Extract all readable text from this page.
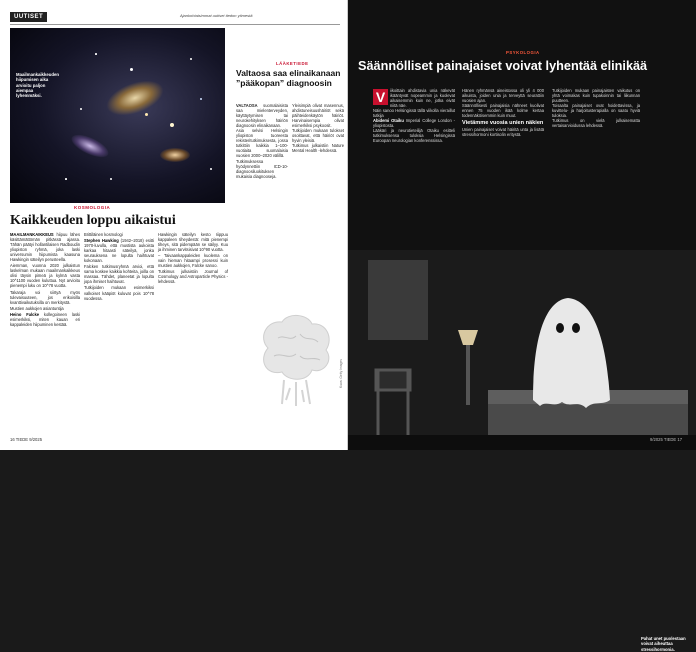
UUTISET	Ajankohtaisimmat uutiset tiedon ytimestä
Maailmankaikkeuden hiipumisen aika arvioitu paljon aiempaa lyhemmäksi.
KOSMOLOGIA
Kaikkeuden loppu aikaistui

MAAILMANKAIKKEUS hiipuu lähes käsittämättömän pitkässä ajassa. Tähän päätyi hollantilaisen Radboudin yliopiston ryhmä, joka laski universumin hiipumista kaasuna Hawkingin säteilyn perusteella.

Aiemman, vuonna 2020 julkaistun laskelman mukaan maailmankaikkeus olisi täysin pimeä ja kylmä vasta 10^1100 vuoden kuluttua. Nyt arvioitu pienempi luku on 10^78 vuotta.

Takaraja voi siirtyä myös tulevaisuuteen, jos erikoisilla kvanttivaikutuksilla on merkitystä.

Mustien aukkojen asiantuntija

Heino Falcke kollegoineen laski esimerkiksi, miten kauan eri kappaleiden hiipuminen kestää.

Brittiläinen kosmologi

Stephen Hawking (1942–2018) esitti 1970-luvulla, että mustista aukoista karkaa hitaasti säteilyä, jonka seurauksena ne lopulta haihtuvat kokonaan.

Falcken tutkimusryhmä arvioi, että sama koskee kaikkia kohteita, joilla on massaa. Tähdet, planeetat ja lopulta jopa ihmiset haihtuvat.

Tutkijoiden mukaan esimerkiksi valkoiset kääpiöt kuluvat pois 10^78 vuodessa.

Hawkingin säteilyn kesto riippuu kappaleen tiheydestä: mitä pienempi tiheys, sitä pidempään se säilyy. Kuu ja ihminen tarvitsisivat 10^90 vuotta.

– Taivaankappaleiden kuolema on vain hieman hitaampi prosessi kuin mustien aukkojen, Falcke sanoo.

Tutkimus julkaistiin Journal of Cosmology and Astroparticle Physics -lehdessä.

LÄÄKETIEDE
Valtaosa saa elinaikanaan ”pääkopan” diagnoosin

VALTAOSA suomalaisista saa mielenterveyden, käyttäytymisen tai neurokehityksen häiriön diagnoosin elinaikanaan.

Asia selvisi Helsingin yliopiston tuoreesta rekisteritutkimuksesta, jossa tutkittiin kaikkia 1–100-vuotiaita suomalaisia vuosien 2000–2020 välillä.

Tutkimuksessa hyödynnettiin ICD-10-diagnoosiluokituksen mukaisia diagnooseja.

Yleisimpiä olivat masennus, ahdistuneisuushäiriöt sekä päihteidenkäytön häiriöt. Harvinaisempia olivat esimerkiksi psykoosit.

Tutkijoiden mukaan tulokset osoittavat, että häiriöt ovat hyvin yleisiä.

Tutkimus julkaistiin Nature Mental Health -lehdessä.

Kuva: Getty Images
16 TIEDE 9/2025
PSYKOLOGIA
Säännölliset painajaiset voivat lyhentää elinikää
V	iikoittain ahdistavia unia näkevät ikääntyvät nopeammin ja kuolevat aikaisemmin kuin ne, jotka eivät niitä näe.

Näin sanoo Helsingissä tällä viikolla vieraillut tutkija

Abidemi Otaiku Imperial College London -yliopistosta.

Lääkäri ja neurotieteilijä Otaiku esitteli tutkimuksensa tuloksia Helsingissä Euroopan neurologian konferenssissa.

Hänen ryhmänsä aineistossa oli yli 4 000 aikuista, joiden unia ja terveyttä seurattiin vuosien ajan.

Säännöllisesti painajaisia nähneet kuolivat ennen 75 vuoden ikää kolme kertaa todennäköisemmin kuin muut.

Vietämme vuosia unien näkien

Unien painajaiset voivat häiritä unta ja lisätä stressihormoni kortisolin eritystä.

Tutkijoiden mukaan painajaisten vaikutus on yhtä voimakas kuin tupakoinnin tai liikunnan puutteen.

Toisaalta painajaiset ovat hoidettavissa, ja kuvittelu- ja harjoitusterapialla on saatu hyviä tuloksia.

Tutkimus on vielä julkaisematta vertaisarvioidussa lehdessä.

Pahat unet puolestaan voivat aiheuttaa stressihormonia.
9/2025 TIEDE 17
